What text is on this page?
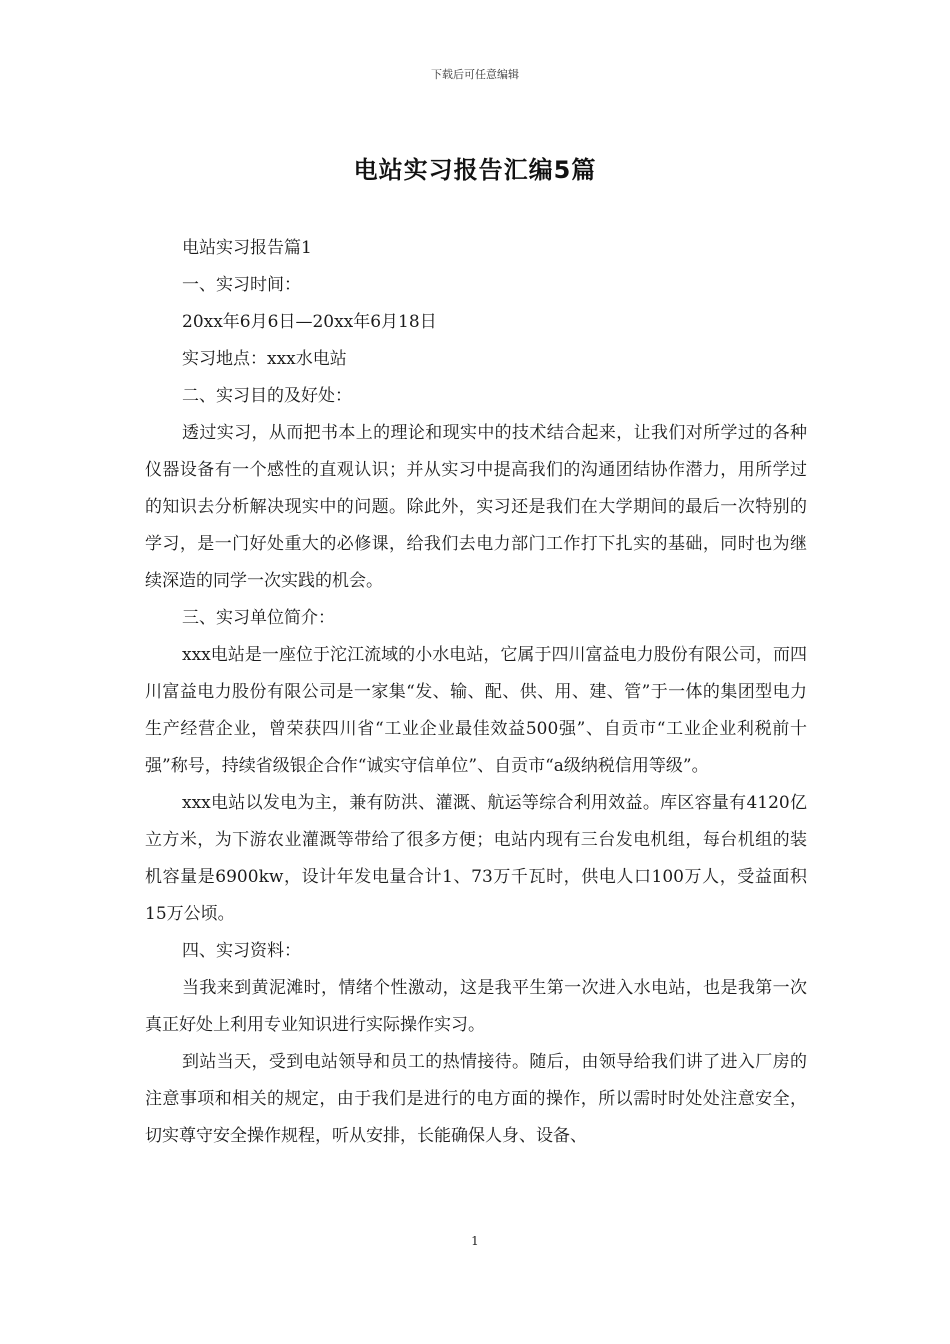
下载后可任意编辑
电站实习报告汇编5篇

电站实习报告篇1

一、实习时间：

20xx年6月6日—20xx年6月18日

实习地点：xxx水电站

二、实习目的及好处：

透过实习，从而把书本上的理论和现实中的技术结合起来，让我们对所学过的各种仪器设备有一个感性的直观认识；并从实习中提高我们的沟通团结协作潜力，用所学过的知识去分析解决现实中的问题。除此外，实习还是我们在大学期间的最后一次特别的学习，是一门好处重大的必修课，给我们去电力部门工作打下扎实的基础，同时也为继续深造的同学一次实践的机会。

三、实习单位简介：

xxx电站是一座位于沱江流域的小水电站，它属于四川富益电力股份有限公司，而四川富益电力股份有限公司是一家集“发、输、配、供、用、建、管”于一体的集团型电力生产经营企业，曾荣获四川省“工业企业最佳效益500强”、自贡市“工业企业利税前十强”称号，持续省级银企合作“诚实守信单位”、自贡市“a级纳税信用等级”。

xxx电站以发电为主，兼有防洪、灌溉、航运等综合利用效益。库区容量有4120亿立方米，为下游农业灌溉等带给了很多方便；电站内现有三台发电机组，每台机组的装机容量是6900kw，设计年发电量合计1、73万千瓦时，供电人口100万人，受益面积15万公顷。

四、实习资料：

当我来到黄泥滩时，情绪个性激动，这是我平生第一次进入水电站，也是我第一次真正好处上利用专业知识进行实际操作实习。

到站当天，受到电站领导和员工的热情接待。随后，由领导给我们讲了进入厂房的注意事项和相关的规定，由于我们是进行的电方面的操作，所以需时时处处注意安全，切实尊守安全操作规程，听从安排，长能确保人身、设备、

1
